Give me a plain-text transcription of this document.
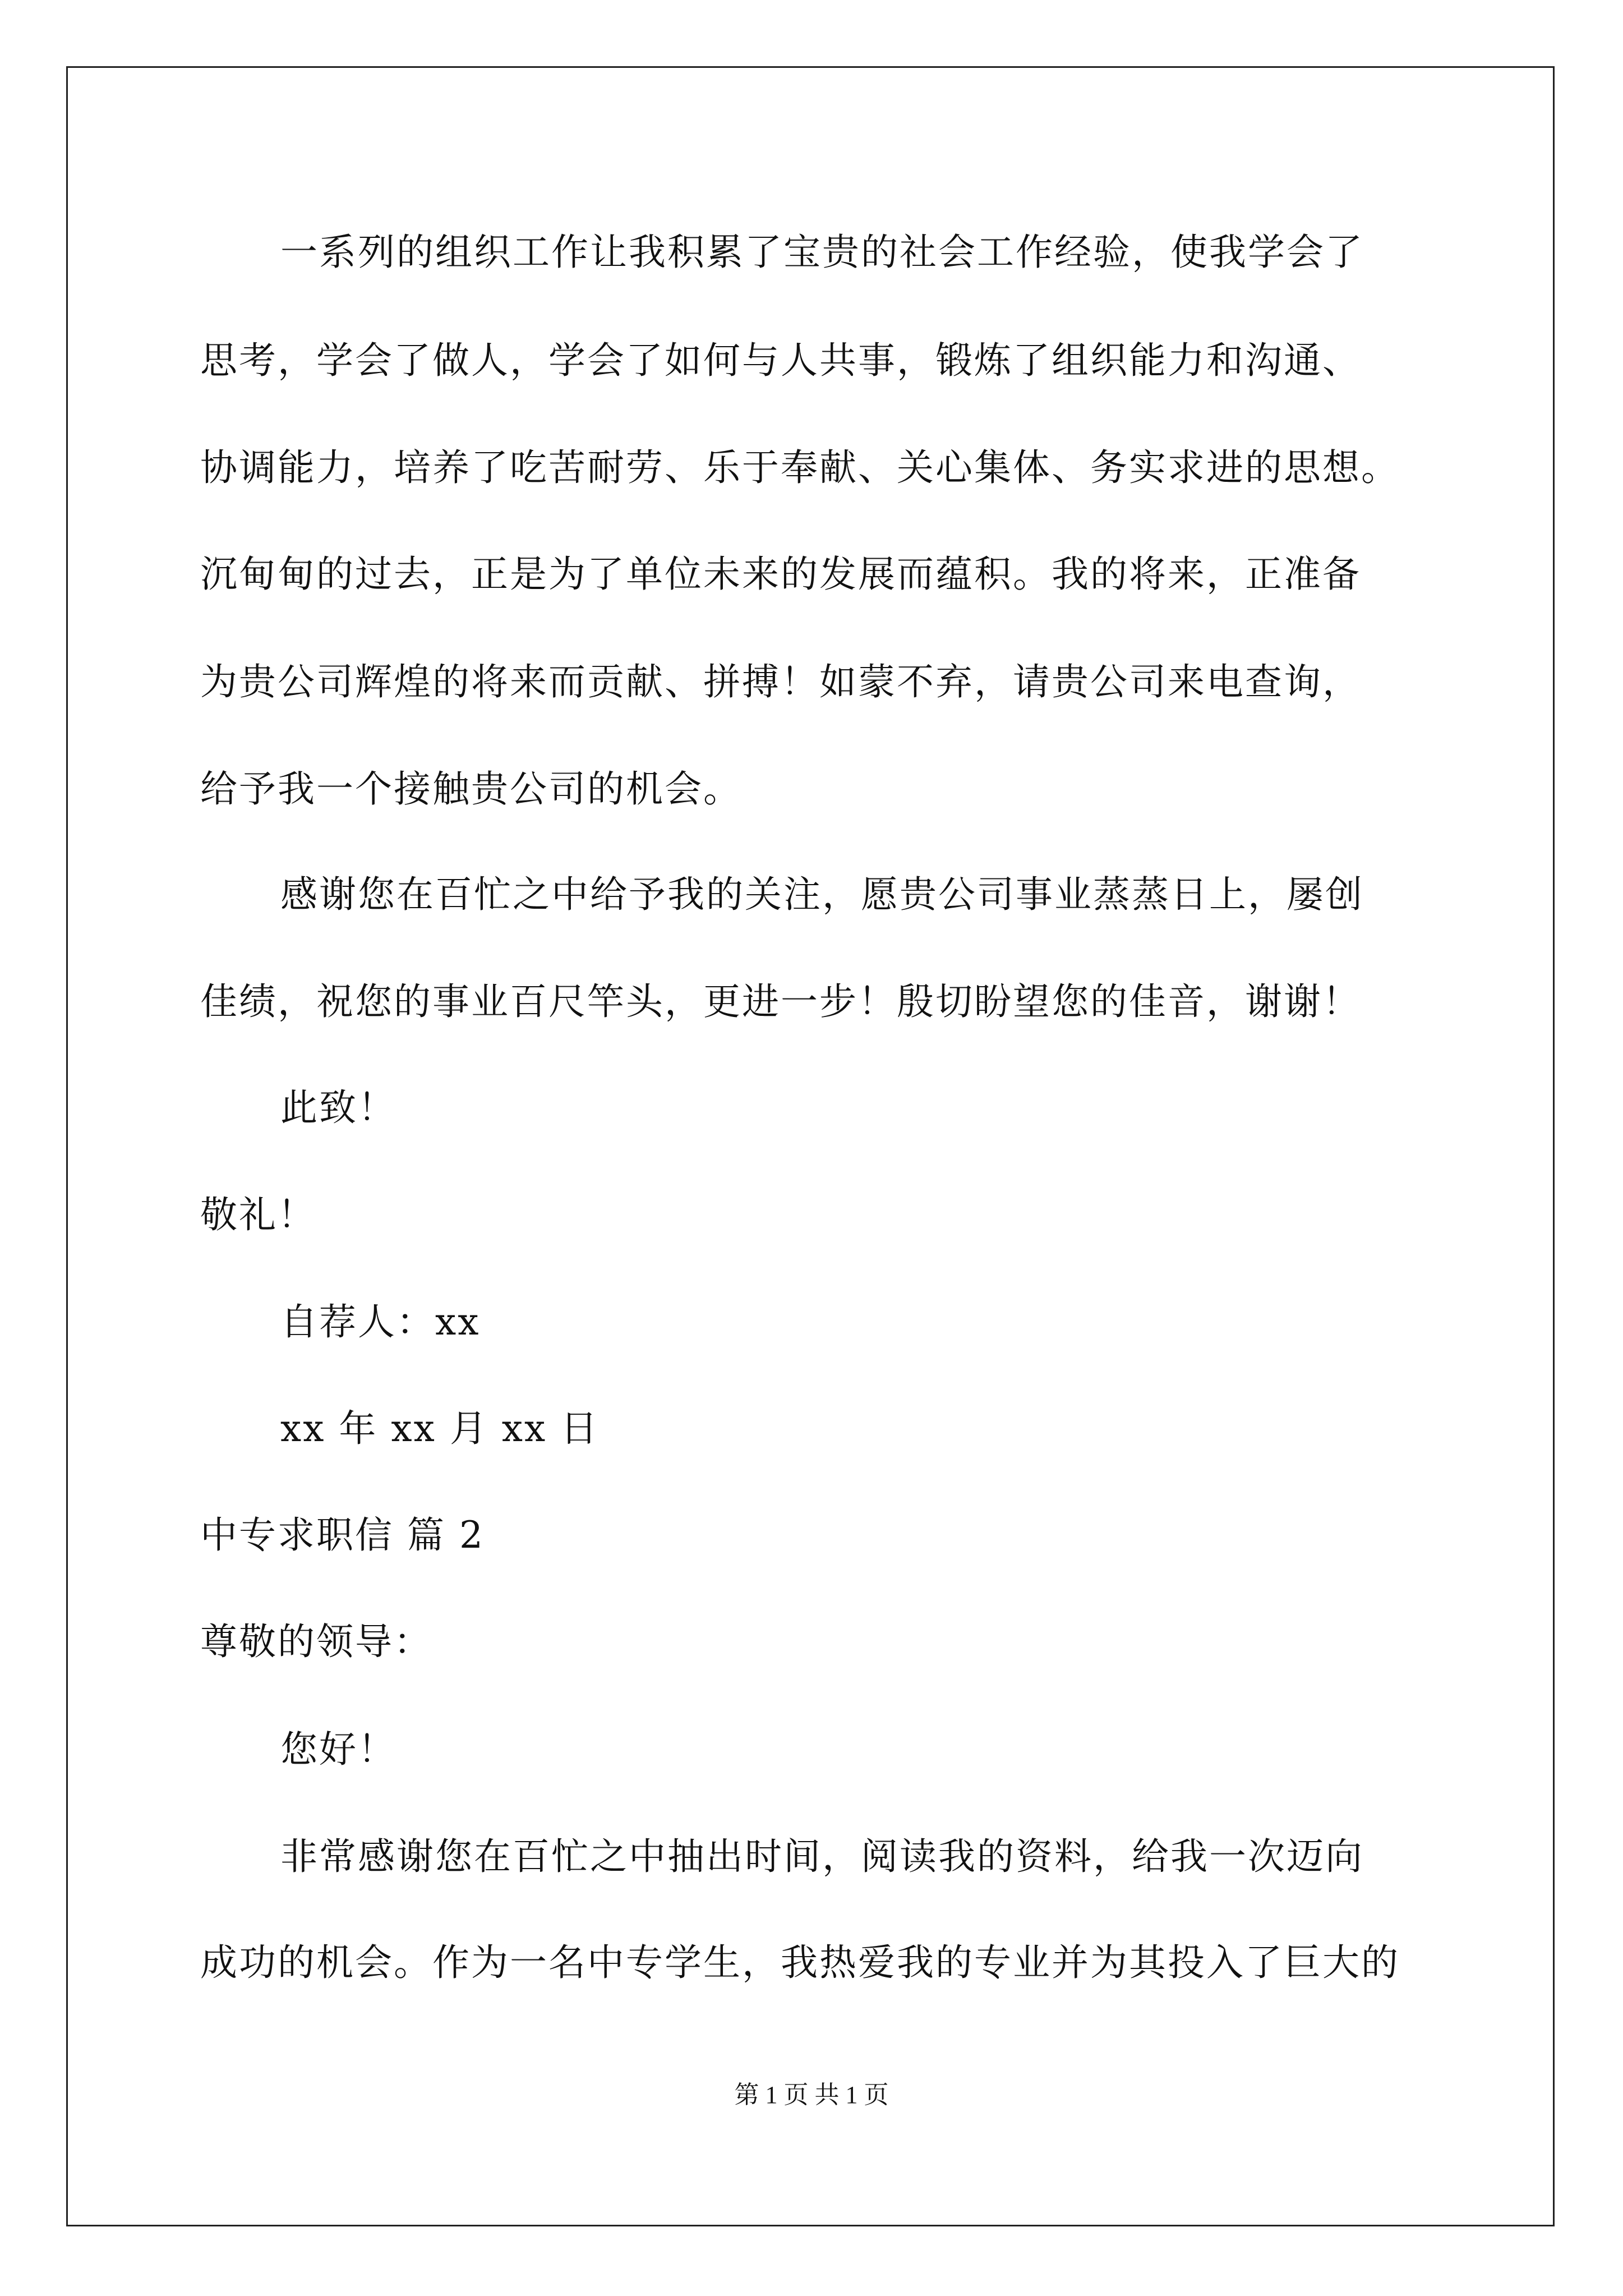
一系列的组织工作让我积累了宝贵的社会工作经验，使我学会了
思考，学会了做人，学会了如何与人共事，锻炼了组织能力和沟通、
协调能力，培养了吃苦耐劳、乐于奉献、关心集体、务实求进的思想。
沉甸甸的过去，正是为了单位未来的发展而蕴积。我的将来，正准备
为贵公司辉煌的将来而贡献、拼搏！如蒙不弃，请贵公司来电查询，
给予我一个接触贵公司的机会。
感谢您在百忙之中给予我的关注，愿贵公司事业蒸蒸日上，屡创
佳绩，祝您的事业百尺竿头，更进一步！殷切盼望您的佳音，谢谢！
此致！
敬礼！
自荐人：xx
xx 年 xx 月 xx 日
中专求职信 篇 2
尊敬的领导：
您好！
非常感谢您在百忙之中抽出时间，阅读我的资料，给我一次迈向
成功的机会。作为一名中专学生，我热爱我的专业并为其投入了巨大的
第 1 页 共 1 页
